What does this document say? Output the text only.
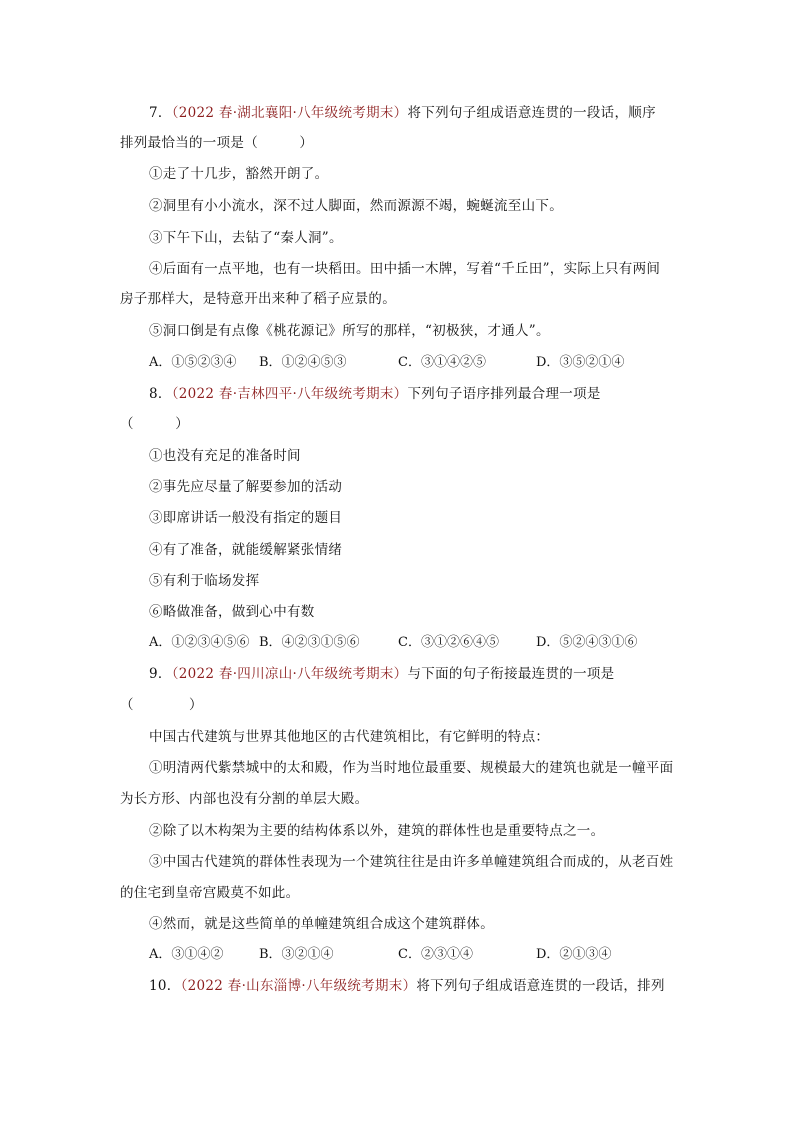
7．（2022 春·湖北襄阳·八年级统考期末）将下列句子组成语意连贯的一段话，顺序
排列最恰当的一项是（　　　）
①走了十几步，豁然开朗了。
②洞里有小小流水，深不过人脚面，然而源源不竭，蜿蜒流至山下。
③下午下山，去钻了“秦人洞”。
④后面有一点平地，也有一块稻田。田中插一木牌，写着“千丘田”，实际上只有两间
房子那样大，是特意开出来种了稻子应景的。
⑤洞口倒是有点像《桃花源记》所写的那样，“初极狭，才通人”。
A．①⑤②③④ B．①②④⑤③	C．③①④②⑤	D．③⑤②①④
8．（2022 春·吉林四平·八年级统考期末）下列句子语序排列最合理一项是
（　　　）
①也没有充足的准备时间
②事先应尽量了解要参加的活动
③即席讲话一般没有指定的题目
④有了准备，就能缓解紧张情绪
⑤有利于临场发挥
⑥略做准备，做到心中有数
A．①②③④⑤⑥ B．④②③①⑤⑥	C．③①②⑥④⑤	D．⑤②④③①⑥
9．（2022 春·四川凉山·八年级统考期末）与下面的句子衔接最连贯的一项是
（　　　　）
中国古代建筑与世界其他地区的古代建筑相比，有它鲜明的特点：
①明清两代紫禁城中的太和殿，作为当时地位最重要、规模最大的建筑也就是一幢平面
为长方形、内部也没有分割的单层大殿。
②除了以木构架为主要的结构体系以外，建筑的群体性也是重要特点之一。
③中国古代建筑的群体性表现为一个建筑往往是由许多单幢建筑组合而成的，从老百姓
的住宅到皇帝宫殿莫不如此。
④然而，就是这些简单的单幢建筑组合成这个建筑群体。
A．③①④②	B．③②①④	C．②③①④	D．②①③④
10．（2022 春·山东淄博·八年级统考期末）将下列句子组成语意连贯的一段话，排列
